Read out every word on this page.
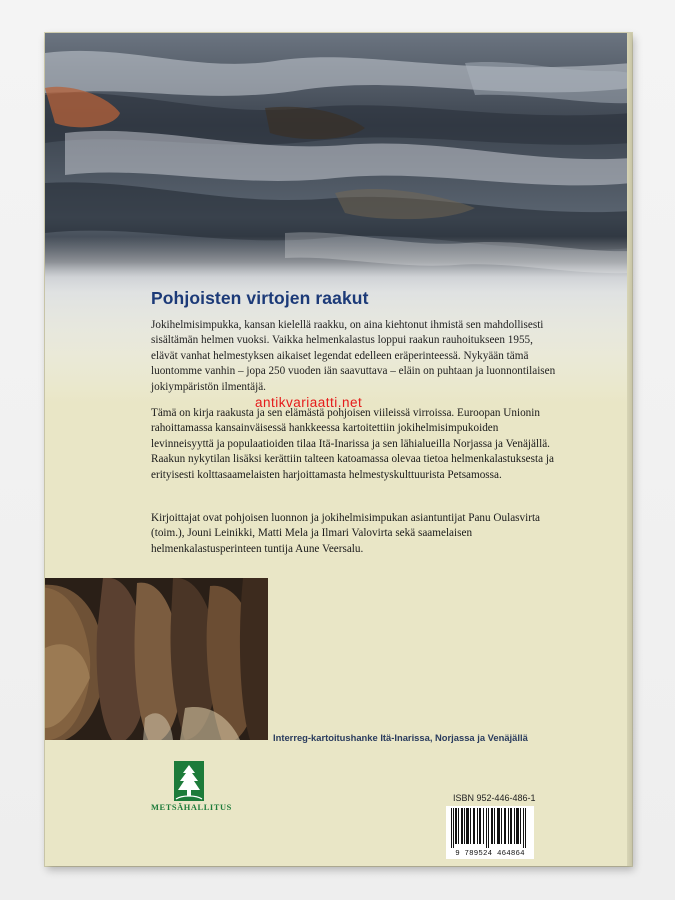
Pohjoisten virtojen raakut

Jokihelmisimpukka, kansan kielellä raakku, on aina kiehtonut ihmistä sen mahdollisesti sisältämän helmen vuoksi. Vaikka helmenkalastus loppui raakun rauhoitukseen 1955, elävät vanhat helmestyksen aikaiset legendat edelleen eräperinteessä. Nykyään tämä luontomme vanhin – jopa 250 vuoden iän saavuttava – eläin on puhtaan ja luonnontilaisen jokiympäristön ilmentäjä.

Tämä on kirja raakusta ja sen elämästä pohjoisen viileissä virroissa. Euroopan Unionin rahoittamassa kansainväisessä hankkeessa kartoitettiin jokihelmisimpukoiden levinneisyyttä ja populaatioiden tilaa Itä-Inarissa ja sen lähialueilla Norjassa ja Venäjällä. Raakun nykytilan lisäksi kerättiin talteen katoamassa olevaa tietoa helmenkalastuksesta ja erityisesti kolttasaamelaisten harjoittamasta helmestyskulttuurista Petsamossa.

Kirjoittajat ovat pohjoisen luonnon ja jokihelmisimpukan asiantuntijat Panu Oulasvirta (toim.), Jouni Leinikki, Matti Mela ja Ilmari Valovirta sekä saamelaisen helmenkalastusperinteen tuntija Aune Veersalu.

antikvariaatti.net
Interreg-kartoitushanke Itä-Inarissa, Norjassa ja Venäjällä
METSÄHALLITUS
ISBN 952-446-486-1
9 789524 464864
